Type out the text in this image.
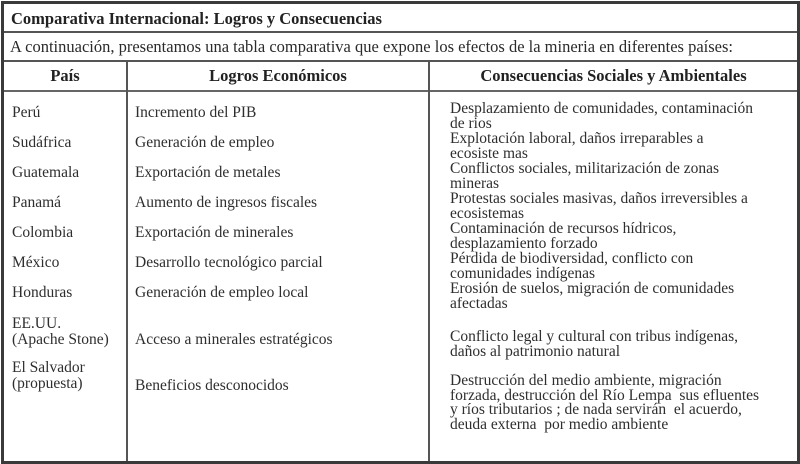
Comparativa Internacional: Logros y Consecuencias
A continuación, presentamos una tabla comparativa que expone los efectos de la mineria en diferentes países:
País	Logros Económicos	Consecuencias Sociales y Ambientales
Perú	Incremento del PIB	Desplazamiento de comunidades, contaminación
de rios
Sudáfrica	Generación de empleo	Explotación laboral, daños irreparables a
ecosiste mas
Guatemala	Exportación de metales	Conflictos sociales, militarización de zonas
mineras
Panamá	Aumento de ingresos fiscales	Protestas sociales masivas, daños irreversibles a
ecosistemas
Colombia	Exportación de minerales	Contaminación de recursos hídricos,
desplazamiento forzado
México	Desarrollo tecnológico parcial	Pérdida de biodiversidad, conflicto con
comunidades indígenas
Honduras	Generación de empleo local	Erosión de suelos, migración de comunidades
afectadas
EE.UU.
(Apache Stone)	Acceso a minerales estratégicos	Conflicto legal y cultural con tribus indígenas,
daños al patrimonio natural
El Salvador
(propuesta)	Beneficios desconocidos	Destrucción del medio ambiente, migración
forzada, destrucción del Río Lempa  sus efluentes
y ríos tributarios ; de nada servirán  el acuerdo,
deuda externa  por medio ambiente
